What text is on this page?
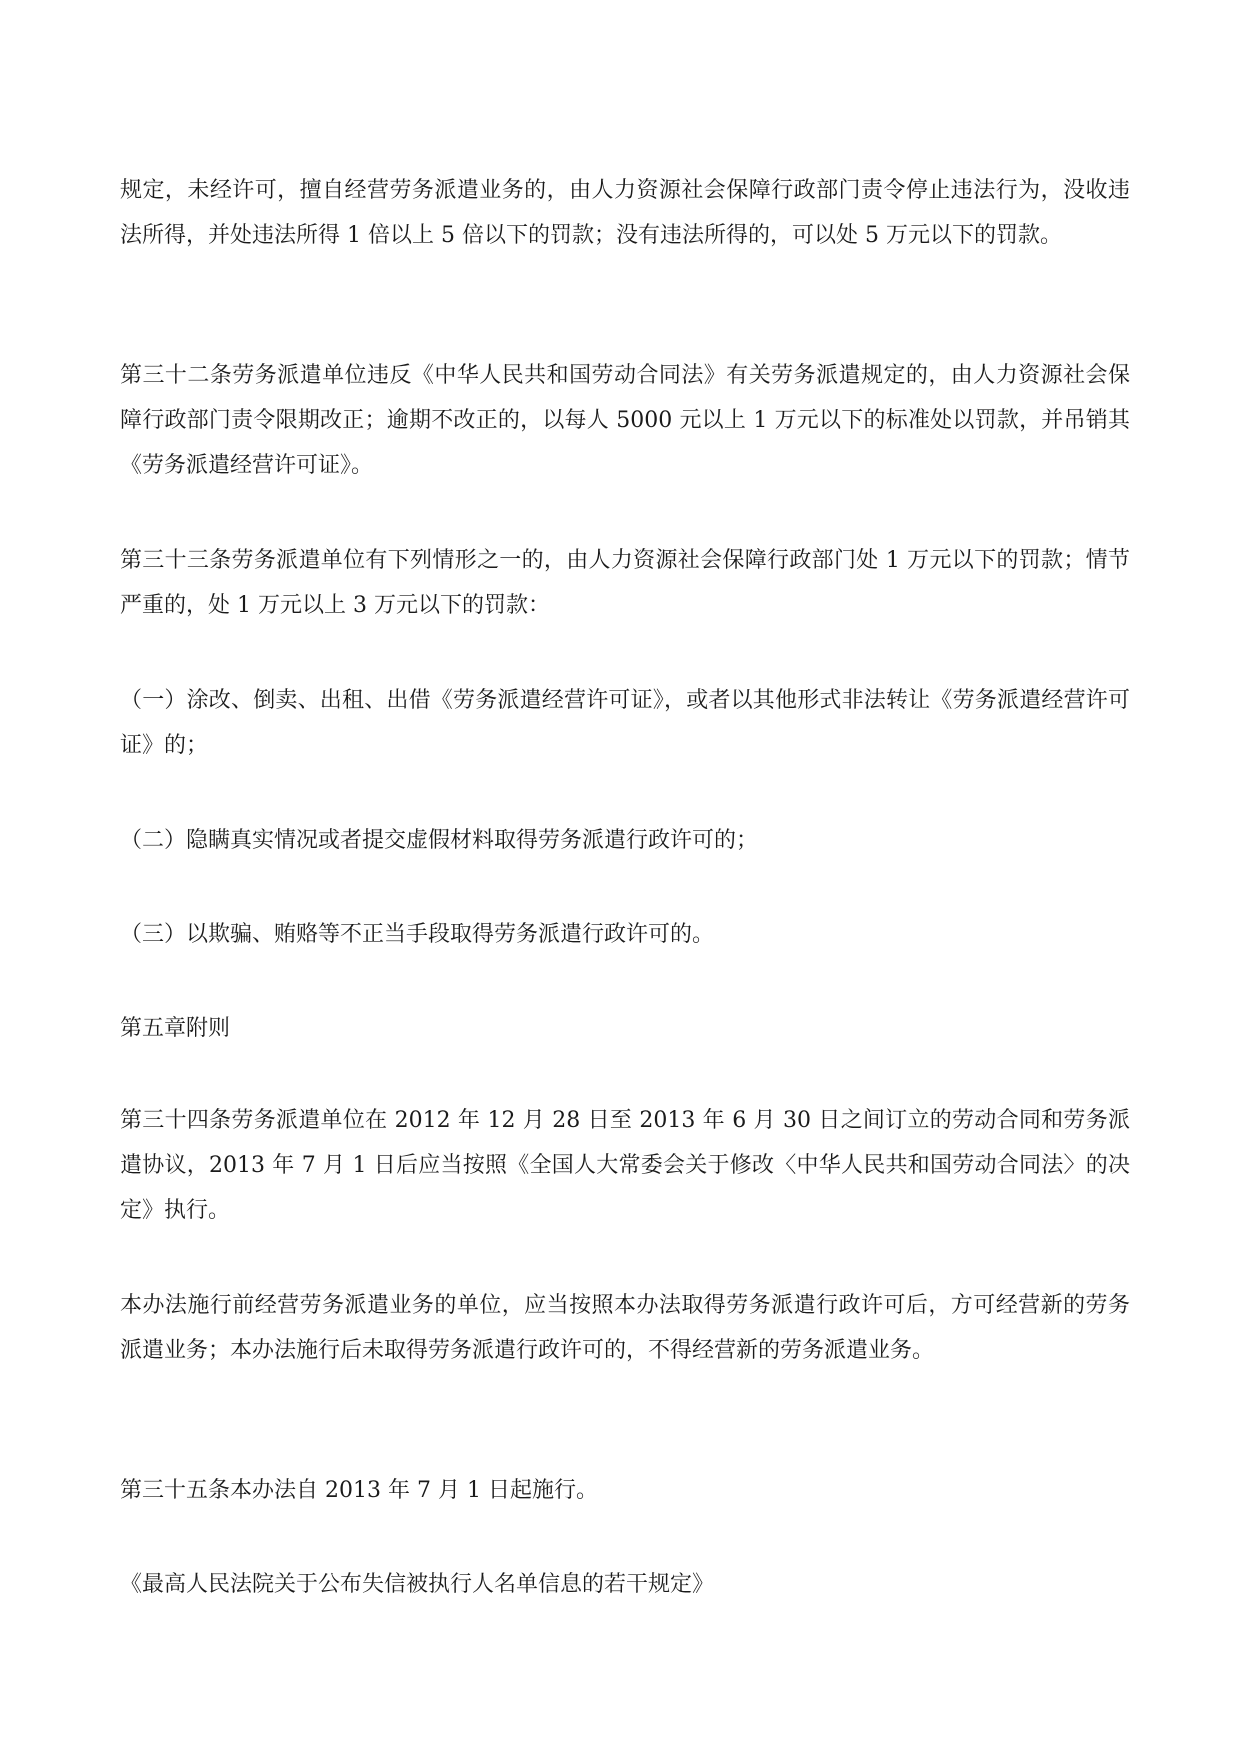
规定，未经许可，擅自经营劳务派遣业务的，由人力资源社会保障行政部门责令停止违法行为，没收违法所得，并处违法所得 1 倍以上 5 倍以下的罚款；没有违法所得的，可以处 5 万元以下的罚款。

第三十二条劳务派遣单位违反《中华人民共和国劳动合同法》有关劳务派遣规定的，由人力资源社会保障行政部门责令限期改正；逾期不改正的，以每人 5000 元以上 1 万元以下的标准处以罚款，并吊销其《劳务派遣经营许可证》。

第三十三条劳务派遣单位有下列情形之一的，由人力资源社会保障行政部门处 1 万元以下的罚款；情节严重的，处 1 万元以上 3 万元以下的罚款：

（一）涂改、倒卖、出租、出借《劳务派遣经营许可证》，或者以其他形式非法转让《劳务派遣经营许可证》的；

（二）隐瞒真实情况或者提交虚假材料取得劳务派遣行政许可的；

（三）以欺骗、贿赂等不正当手段取得劳务派遣行政许可的。

第五章附则

第三十四条劳务派遣单位在 2012 年 12 月 28 日至 2013 年 6 月 30 日之间订立的劳动合同和劳务派遣协议，2013 年 7 月 1 日后应当按照《全国人大常委会关于修改〈中华人民共和国劳动合同法〉的决定》执行。

本办法施行前经营劳务派遣业务的单位，应当按照本办法取得劳务派遣行政许可后，方可经营新的劳务派遣业务；本办法施行后未取得劳务派遣行政许可的，不得经营新的劳务派遣业务。

第三十五条本办法自 2013 年 7 月 1 日起施行。

《最高人民法院关于公布失信被执行人名单信息的若干规定》
